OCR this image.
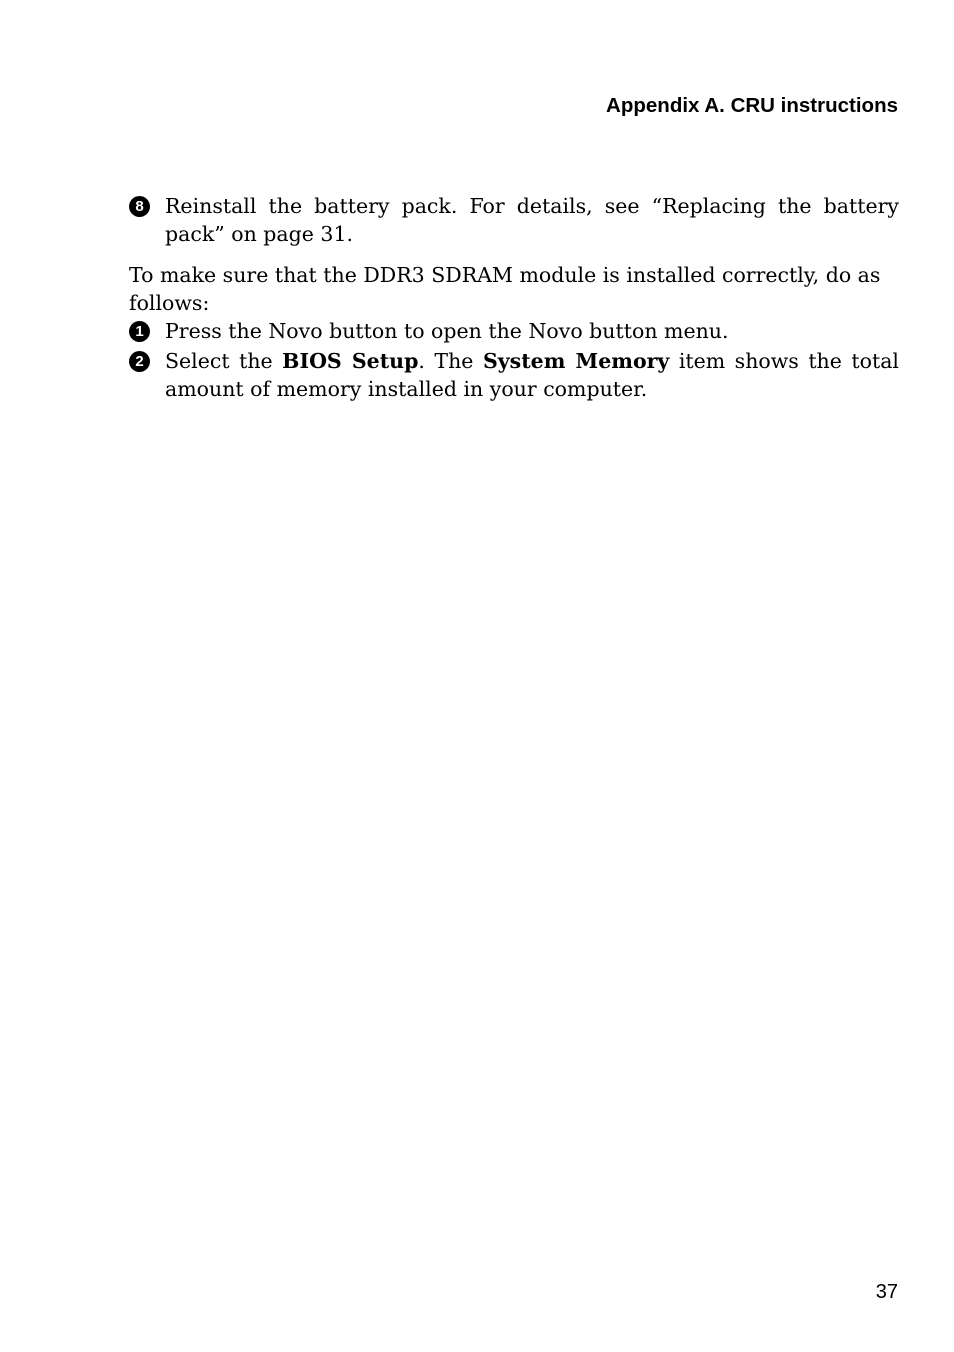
Appendix A. CRU instructions
8	Reinstall the battery pack. For details, see “Replacing the battery pack” on page 31.
To make sure that the DDR3 SDRAM module is installed correctly, do as follows:
1	Press the Novo button to open the Novo button menu.
2	Select the BIOS Setup. The System Memory item shows the total amount of memory installed in your computer.
37
